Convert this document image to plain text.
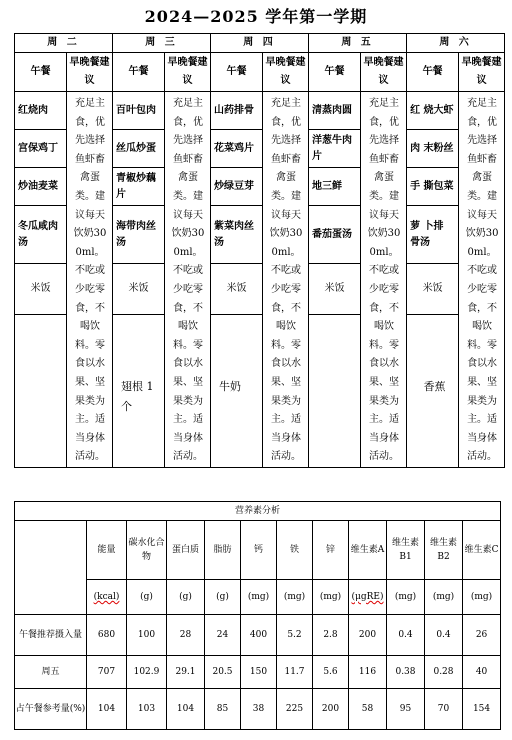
2024—2025 学年第一学期
周 二		周 三		周 四		周 五		周 六	
午餐	早晚餐建议	午餐	早晚餐建议	午餐	早晚餐建议	午餐	早晚餐建议	午餐	早晚餐建议
红烧肉	充足主食，优先选择鱼虾畜禽蛋类。建议每天饮奶300ml。不吃或少吃零食，不喝饮料。零食以水果、坚果类为主。适当身体活动。	百叶包肉	充足主食，优先选择鱼虾畜禽蛋类。建议每天饮奶300ml。不吃或少吃零食，不喝饮料。零食以水果、坚果类为主。适当身体活动。	山药排骨	充足主食，优先选择鱼虾畜禽蛋类。建议每天饮奶300ml。不吃或少吃零食，不喝饮料。零食以水果、坚果类为主。适当身体活动。	清蒸肉圆	充足主食，优先选择鱼虾畜禽蛋类。建议每天饮奶300ml。不吃或少吃零食，不喝饮料。零食以水果、坚果类为主。适当身体活动。	红 烧大虾	充足主食，优先选择鱼虾畜禽蛋类。建议每天饮奶300ml。不吃或少吃零食，不喝饮料。零食以水果、坚果类为主。适当身体活动。
宫保鸡丁		丝瓜炒蛋		花菜鸡片		洋葱牛肉片		肉 末粉丝	
炒油麦菜		青椒炒藕片		炒绿豆芽		地三鲜		手 撕包菜	
冬瓜咸肉汤		海带肉丝汤		紫菜肉丝汤		番茄蛋汤		萝 卜排 骨汤	
米饭		米饭		米饭		米饭		米饭	
		翅根 1 个		牛奶				香蕉	

营养素分析											
	能量	碳水化合物	蛋白质	脂肪	钙	铁	锌	维生素A	维生素B1	维生素B2	维生素C
	(kcal)	(g)	(g)	(g)	(mg)	(mg)	(mg)	(μgRE)	(mg)	(mg)	(mg)
午餐推荐摄入量	680	100	28	24	400	5.2	2.8	200	0.4	0.4	26
周五	707	102.9	29.1	20.5	150	11.7	5.6	116	0.38	0.28	40
占午餐参考量(%)	104	103	104	85	38	225	200	58	95	70	154
